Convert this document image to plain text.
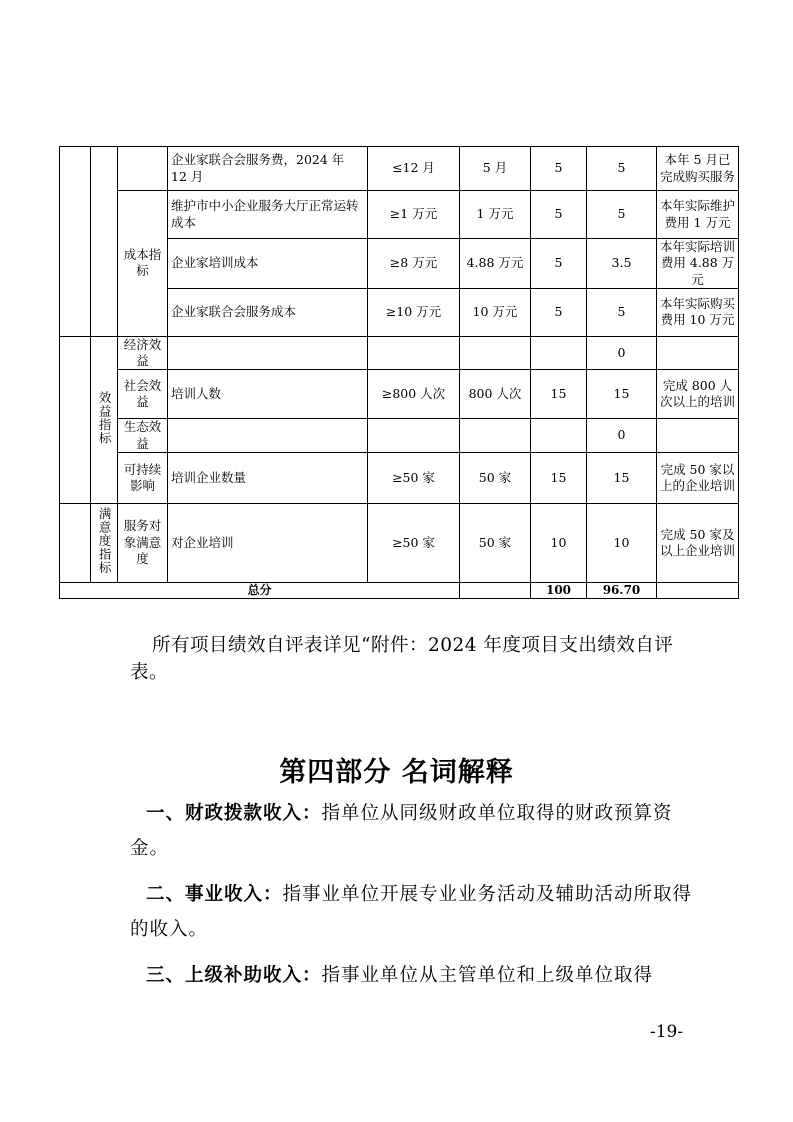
			企业家联合会服务费，2024 年 12 月	≤12 月	5 月	5	5	本年 5 月已完成购买服务
		成本指标	维护市中小企业服务大厅正常运转成本	≥1 万元	1 万元	5	5	本年实际维护费用 1 万元
			企业家培训成本	≥8 万元	4.88 万元	5	3.5	本年实际培训费用 4.88 万元
			企业家联合会服务成本	≥10 万元	10 万元	5	5	本年实际购买费用 10 万元
	效益指标	经济效益					0	
		社会效益	培训人数	≥800 人次	800 人次	15	15	完成 800 人次以上的培训
		生态效益					0	
		可持续影响	培训企业数量	≥50 家	50 家	15	15	完成 50 家以上的企业培训
	满意度指标	服务对象满意度	对企业培训	≥50 家	50 家	10	10	完成 50 家及以上企业培训
总分						100	96.70	

所有项目绩效自评表详见“附件：2024 年度项目支出绩效自评表。

第四部分 名词解释

一、财政拨款收入：指单位从同级财政单位取得的财政预算资金。

二、事业收入：指事业单位开展专业业务活动及辅助活动所取得的收入。

三、上级补助收入：指事业单位从主管单位和上级单位取得

-19-
